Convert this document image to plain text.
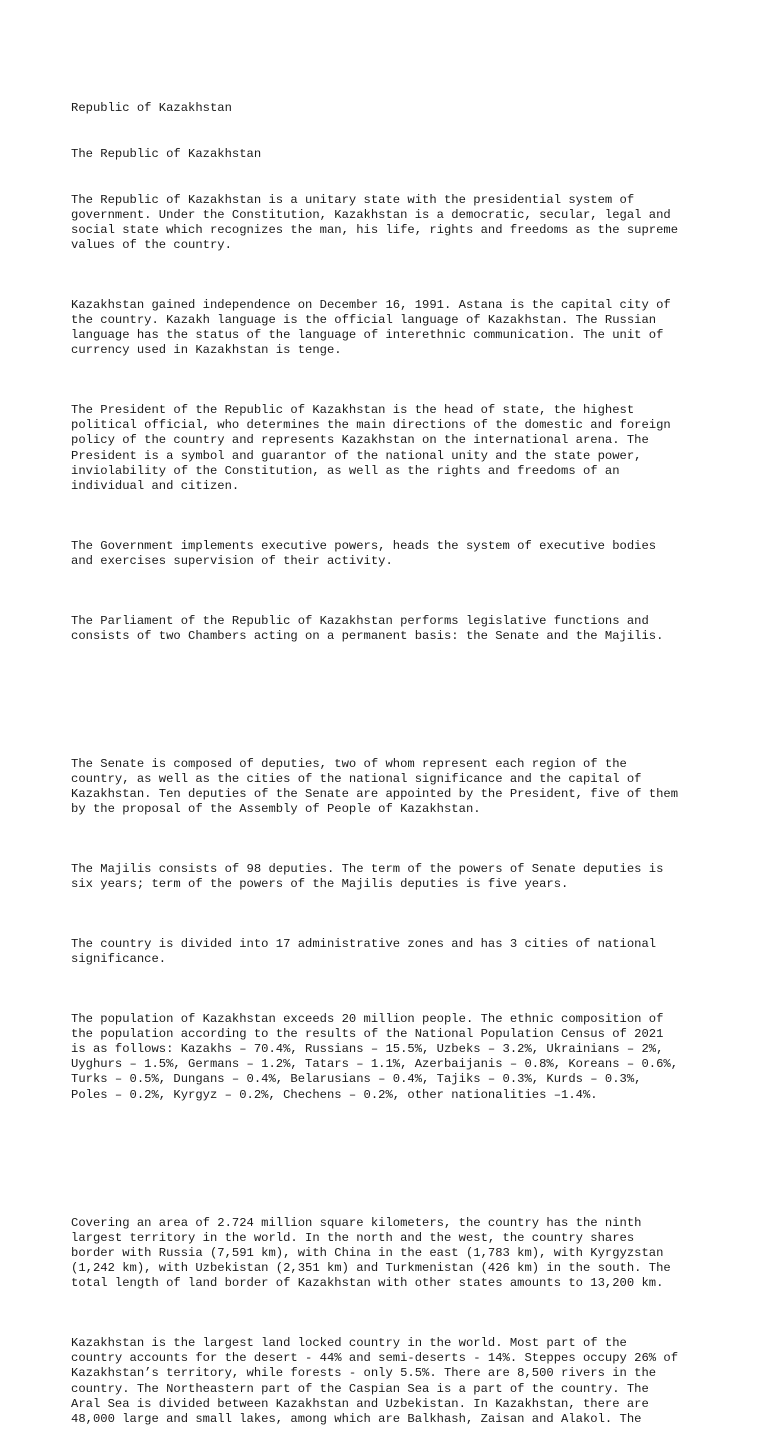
Republic of Kazakhstan

The Republic of Kazakhstan

The Republic of Kazakhstan is a unitary state with the presidential system of
government. Under the Constitution, Kazakhstan is a democratic, secular, legal and
social state which recognizes the man, his life, rights and freedoms as the supreme
values of the country.

Kazakhstan gained independence on December 16, 1991. Astana is the capital city of
the country. Kazakh language is the official language of Kazakhstan. The Russian
language has the status of the language of interethnic communication. The unit of
currency used in Kazakhstan is tenge.

The President of the Republic of Kazakhstan is the head of state, the highest
political official, who determines the main directions of the domestic and foreign
policy of the country and represents Kazakhstan on the international arena. The
President is a symbol and guarantor of the national unity and the state power,
inviolability of the Constitution, as well as the rights and freedoms of an
individual and citizen.

The Government implements executive powers, heads the system of executive bodies
and exercises supervision of their activity.

The Parliament of the Republic of Kazakhstan performs legislative functions and
consists of two Chambers acting on a permanent basis: the Senate and the Majilis.

The Senate is composed of deputies, two of whom represent each region of the
country, as well as the cities of the national significance and the capital of
Kazakhstan. Ten deputies of the Senate are appointed by the President, five of them
by the proposal of the Assembly of People of Kazakhstan.

The Majilis consists of 98 deputies. The term of the powers of Senate deputies is
six years; term of the powers of the Majilis deputies is five years.

The country is divided into 17 administrative zones and has 3 cities of national
significance.

The population of Kazakhstan exceeds 20 million people. The ethnic composition of
the population according to the results of the National Population Census of 2021
is as follows: Kazakhs – 70.4%, Russians – 15.5%, Uzbeks – 3.2%, Ukrainians – 2%,
Uyghurs – 1.5%, Germans – 1.2%, Tatars – 1.1%, Azerbaijanis – 0.8%, Koreans – 0.6%,
Turks – 0.5%, Dungans – 0.4%, Belarusians – 0.4%, Tajiks – 0.3%, Kurds – 0.3%,
Poles – 0.2%, Kyrgyz – 0.2%, Chechens – 0.2%, other nationalities –1.4%.

Covering an area of 2.724 million square kilometers, the country has the ninth
largest territory in the world. In the north and the west, the country shares
border with Russia (7,591 km), with China in the east (1,783 km), with Kyrgyzstan
(1,242 km), with Uzbekistan (2,351 km) and Turkmenistan (426 km) in the south. The
total length of land border of Kazakhstan with other states amounts to 13,200 km.

Kazakhstan is the largest land locked country in the world. Most part of the
country accounts for the desert - 44% and semi-deserts - 14%. Steppes occupy 26% of
Kazakhstan’s territory, while forests - only 5.5%. There are 8,500 rivers in the
country. The Northeastern part of the Caspian Sea is a part of the country. The
Aral Sea is divided between Kazakhstan and Uzbekistan. In Kazakhstan, there are
48,000 large and small lakes, among which are Balkhash, Zaisan and Alakol. The
